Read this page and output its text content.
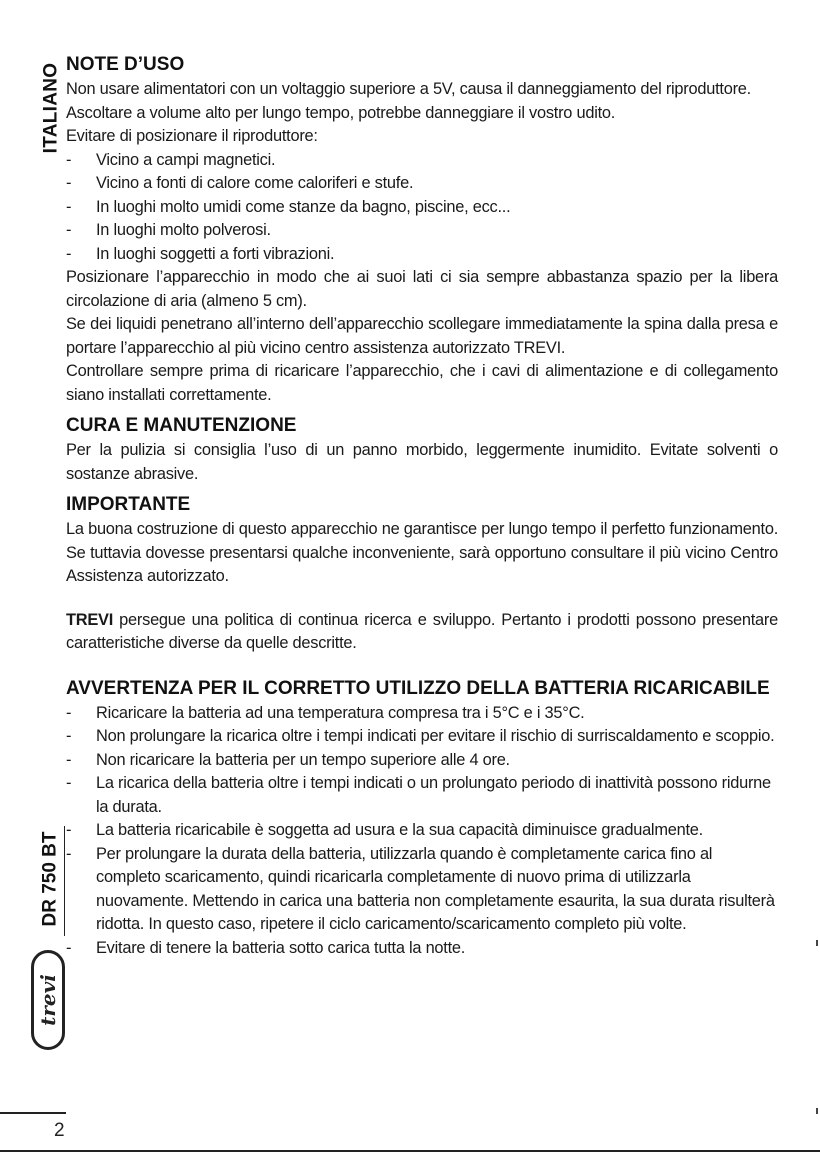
ITALIANO
DR 750 BT
trevi
NOTE D’USO

Non usare alimentatori con un voltaggio superiore a 5V, causa il danneggiamento del riproduttore.

Ascoltare a volume alto per lungo tempo, potrebbe danneggiare il vostro udito.

Evitare di posizionare il riproduttore:

- Vicino a campi magnetici.
- Vicino a fonti di calore come caloriferi e stufe.
- In luoghi molto umidi come stanze da bagno, piscine, ecc...
- In luoghi molto polverosi.
- In luoghi soggetti a forti vibrazioni.

Posizionare l’apparecchio in modo che ai suoi lati ci sia sempre abbastanza spazio per la libera circolazione di aria (almeno 5 cm).

Se dei liquidi penetrano all’interno dell’apparecchio scollegare immediatamente la spina dalla presa e portare l’apparecchio al più vicino centro assistenza autorizzato TREVI.

Controllare sempre prima di ricaricare l’apparecchio, che i cavi di alimentazione e di collegamento siano installati correttamente.

CURA E MANUTENZIONE

Per la pulizia si consiglia l’uso di un panno morbido, leggermente inumidito. Evitate solventi o sostanze abrasive.

IMPORTANTE

La buona costruzione di questo apparecchio ne garantisce per lungo tempo il perfetto funzionamento. Se tuttavia dovesse presentarsi qualche inconveniente, sarà opportuno consultare il più vicino Centro Assistenza autorizzato.

TREVI persegue una politica di continua ricerca e sviluppo. Pertanto i prodotti possono presentare caratteristiche diverse da quelle descritte.

AVVERTENZA PER IL CORRETTO UTILIZZO DELLA BATTERIA RICARICABILE
- Ricaricare la batteria ad una temperatura compresa tra i 5°C e i 35°C.
- Non prolungare la ricarica oltre i tempi indicati per evitare il rischio di surriscaldamento e scoppio.
- Non ricaricare la batteria per un tempo superiore alle 4 ore.
- La ricarica della batteria oltre i tempi indicati o un prolungato periodo di inattività possono ridurne la durata.
- La batteria ricaricabile è soggetta ad usura e la sua capacità diminuisce gradualmente.
- Per prolungare la durata della batteria, utilizzarla quando è completamente carica fino al completo scaricamento, quindi ricaricarla completamente di nuovo prima di utilizzarla nuovamente. Mettendo in carica una batteria non completamente esaurita, la sua durata risulterà ridotta. In questo caso, ripetere il ciclo caricamento/scaricamento completo più volte.
- Evitare di tenere la batteria sotto carica tutta la notte.
2
